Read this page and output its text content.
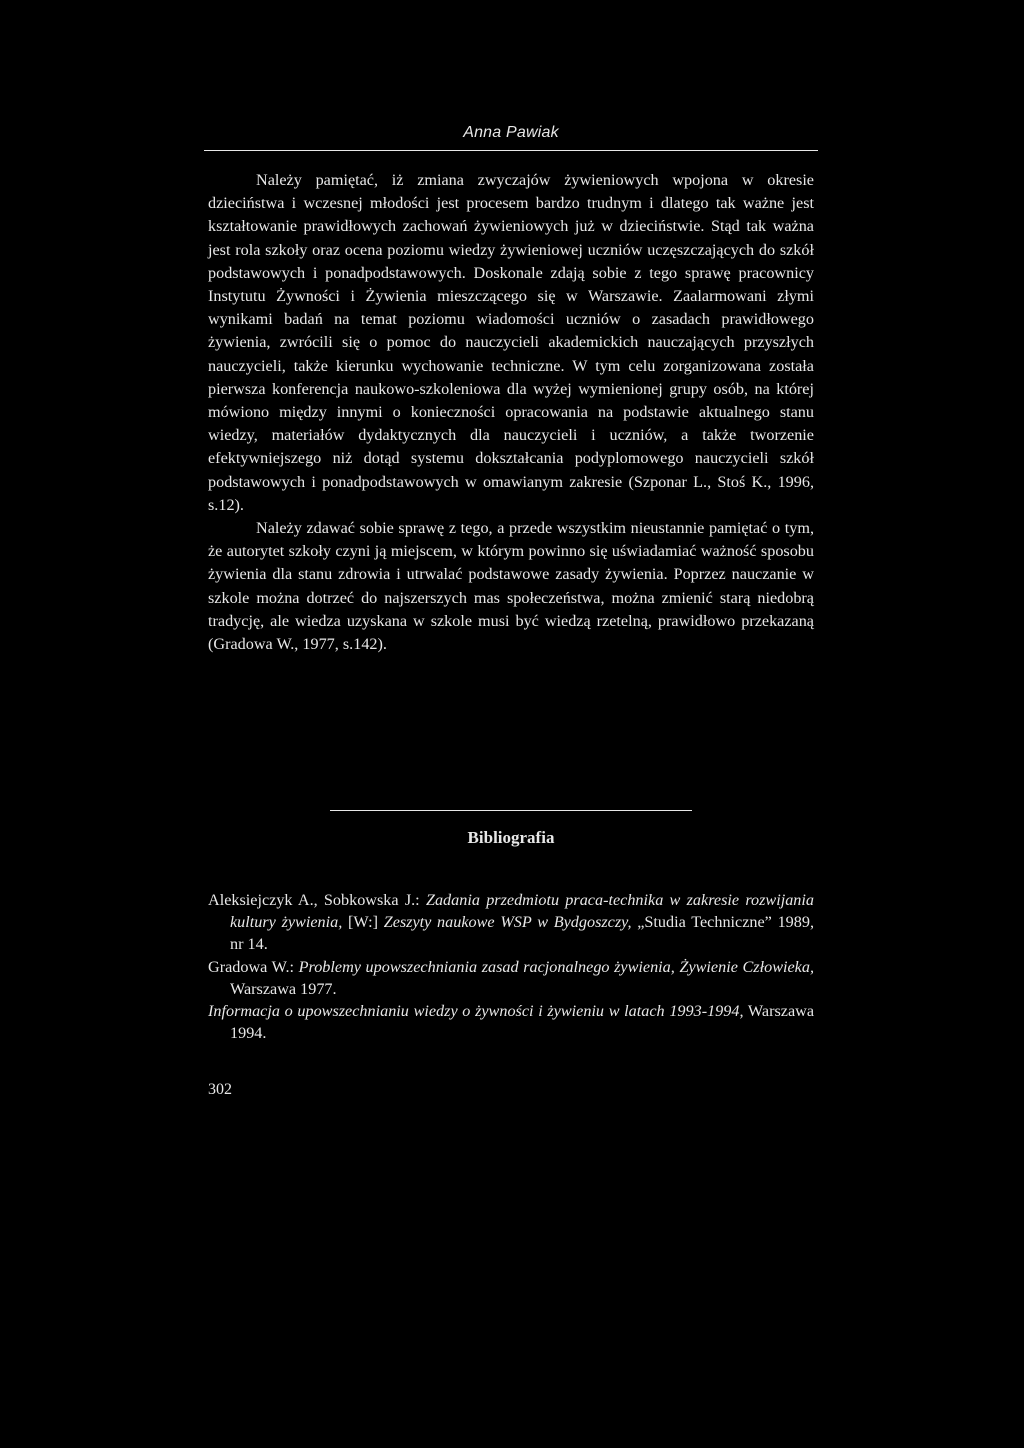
Anna Pawiak

Należy pamiętać, iż zmiana zwyczajów żywieniowych wpojona w okresie dzieciństwa i wczesnej młodości jest procesem bardzo trudnym i dlatego tak ważne jest kształtowanie prawidłowych zachowań żywieniowych już w dzieciństwie. Stąd tak ważna jest rola szkoły oraz ocena poziomu wiedzy żywieniowej uczniów uczęszczających do szkół podstawowych i ponadpodstawowych. Doskonale zdają sobie z tego sprawę pracownicy Instytutu Żywności i Żywienia mieszczącego się w Warszawie. Zaalarmowani złymi wynikami badań na temat poziomu wiadomości uczniów o zasadach prawidłowego żywienia, zwrócili się o pomoc do nauczycieli akademickich nauczających przyszłych nauczycieli, także kierunku wychowanie techniczne. W tym celu zorganizowana została pierwsza konferencja naukowo-szkoleniowa dla wyżej wymienionej grupy osób, na której mówiono między innymi o konieczności opracowania na podstawie aktualnego stanu wiedzy, materiałów dydaktycznych dla nauczycieli i uczniów, a także tworzenie efektywniejszego niż dotąd systemu dokształcania podyplomowego nauczycieli szkół podstawowych i ponadpodstawowych w omawianym zakresie (Szponar L., Stoś K., 1996, s.12).

Należy zdawać sobie sprawę z tego, a przede wszystkim nieustannie pamiętać o tym, że autorytet szkoły czyni ją miejscem, w którym powinno się uświadamiać ważność sposobu żywienia dla stanu zdrowia i utrwalać podstawowe zasady żywienia. Poprzez nauczanie w szkole można dotrzeć do najszerszych mas społeczeństwa, można zmienić starą niedobrą tradycję, ale wiedza uzyskana w szkole musi być wiedzą rzetelną, prawidłowo przekazaną (Gradowa W., 1977, s.142).

Bibliografia

Aleksiejczyk A., Sobkowska J.: Zadania przedmiotu praca-technika w zakresie rozwijania kultury żywienia, [W:] Zeszyty naukowe WSP w Bydgoszczy, „Studia Techniczne” 1989, nr 14.

Gradowa W.: Problemy upowszechniania zasad racjonalnego żywienia, Żywienie Człowieka, Warszawa 1977.

Informacja o upowszechnianiu wiedzy o żywności i żywieniu w latach 1993-1994, Warszawa 1994.

302
